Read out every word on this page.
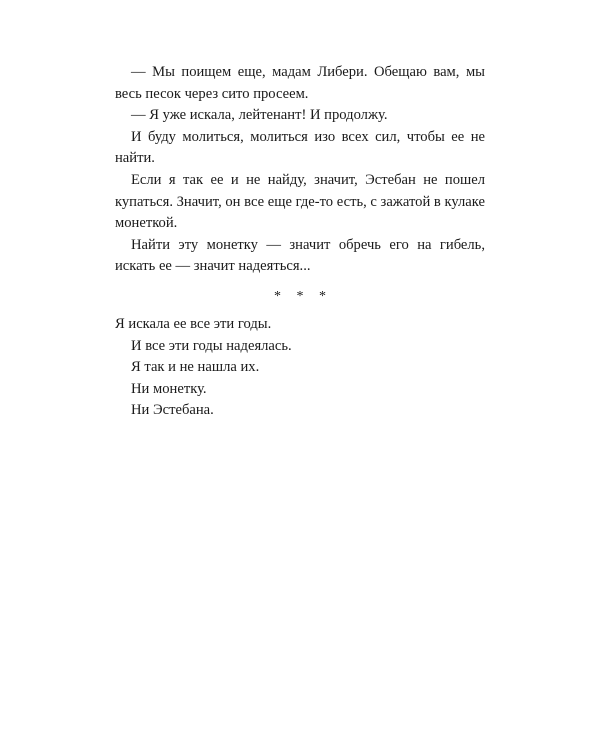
— Мы поищем еще, мадам Либери. Обещаю вам, мы весь песок через сито просеем.

— Я уже искала, лейтенант! И продолжу.

И буду молиться, молиться изо всех сил, чтобы ее не найти.

Если я так ее и не найду, значит, Эстебан не пошел купаться. Значит, он все еще где-то есть, с зажатой в кулаке монеткой.

Найти эту монетку — значит обречь его на гибель, искать ее — значит надеяться...

* * *

Я искала ее все эти годы.

И все эти годы надеялась.

Я так и не нашла их.

Ни монетку.

Ни Эстебана.
